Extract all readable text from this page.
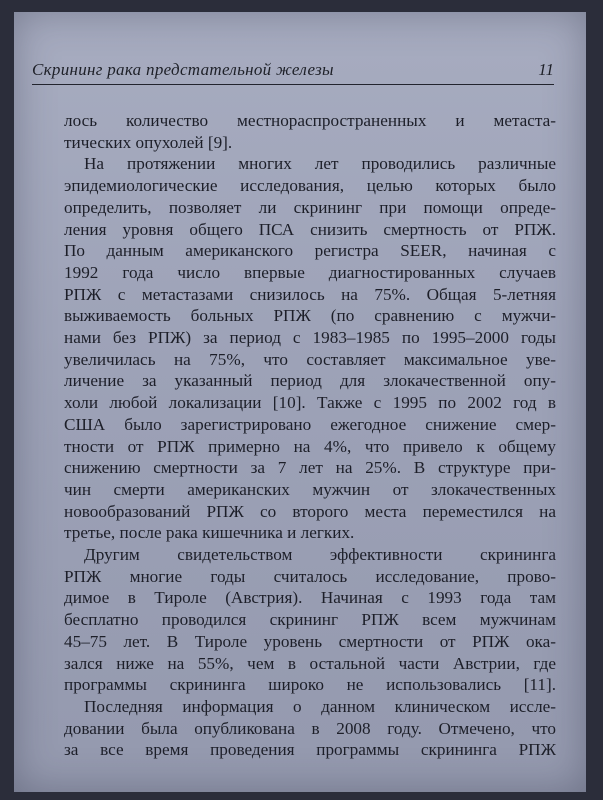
Скрининг рака предстательной железы	11
лось количество местнораспространенных и метаста-
тических опухолей [9].
На протяжении многих лет проводились различные
эпидемиологические исследования, целью которых было
определить, позволяет ли скрининг при помощи опреде-
ления уровня общего ПСА снизить смертность от РПЖ.
По данным американского регистра SEER, начиная с
1992 года число впервые диагностированных случаев
РПЖ с метастазами снизилось на 75%. Общая 5-летняя
выживаемость больных РПЖ (по сравнению с мужчи-
нами без РПЖ) за период с 1983–1985 по 1995–2000 годы
увеличилась на 75%, что составляет максимальное уве-
личение за указанный период для злокачественной опу-
холи любой локализации [10]. Также с 1995 по 2002 год в
США было зарегистрировано ежегодное снижение смер-
тности от РПЖ примерно на 4%, что привело к общему
снижению смертности за 7 лет на 25%. В структуре при-
чин смерти американских мужчин от злокачественных
новообразований РПЖ со второго места переместился на
третье, после рака кишечника и легких.
Другим свидетельством эффективности скрининга
РПЖ многие годы считалось исследование, прово-
димое в Тироле (Австрия). Начиная с 1993 года там
бесплатно проводился скрининг РПЖ всем мужчинам
45–75 лет. В Тироле уровень смертности от РПЖ ока-
зался ниже на 55%, чем в остальной части Австрии, где
программы скрининга широко не использовались [11].
Последняя информация о данном клиническом иссле-
довании была опубликована в 2008 году. Отмечено, что
за все время проведения программы скрининга РПЖ
